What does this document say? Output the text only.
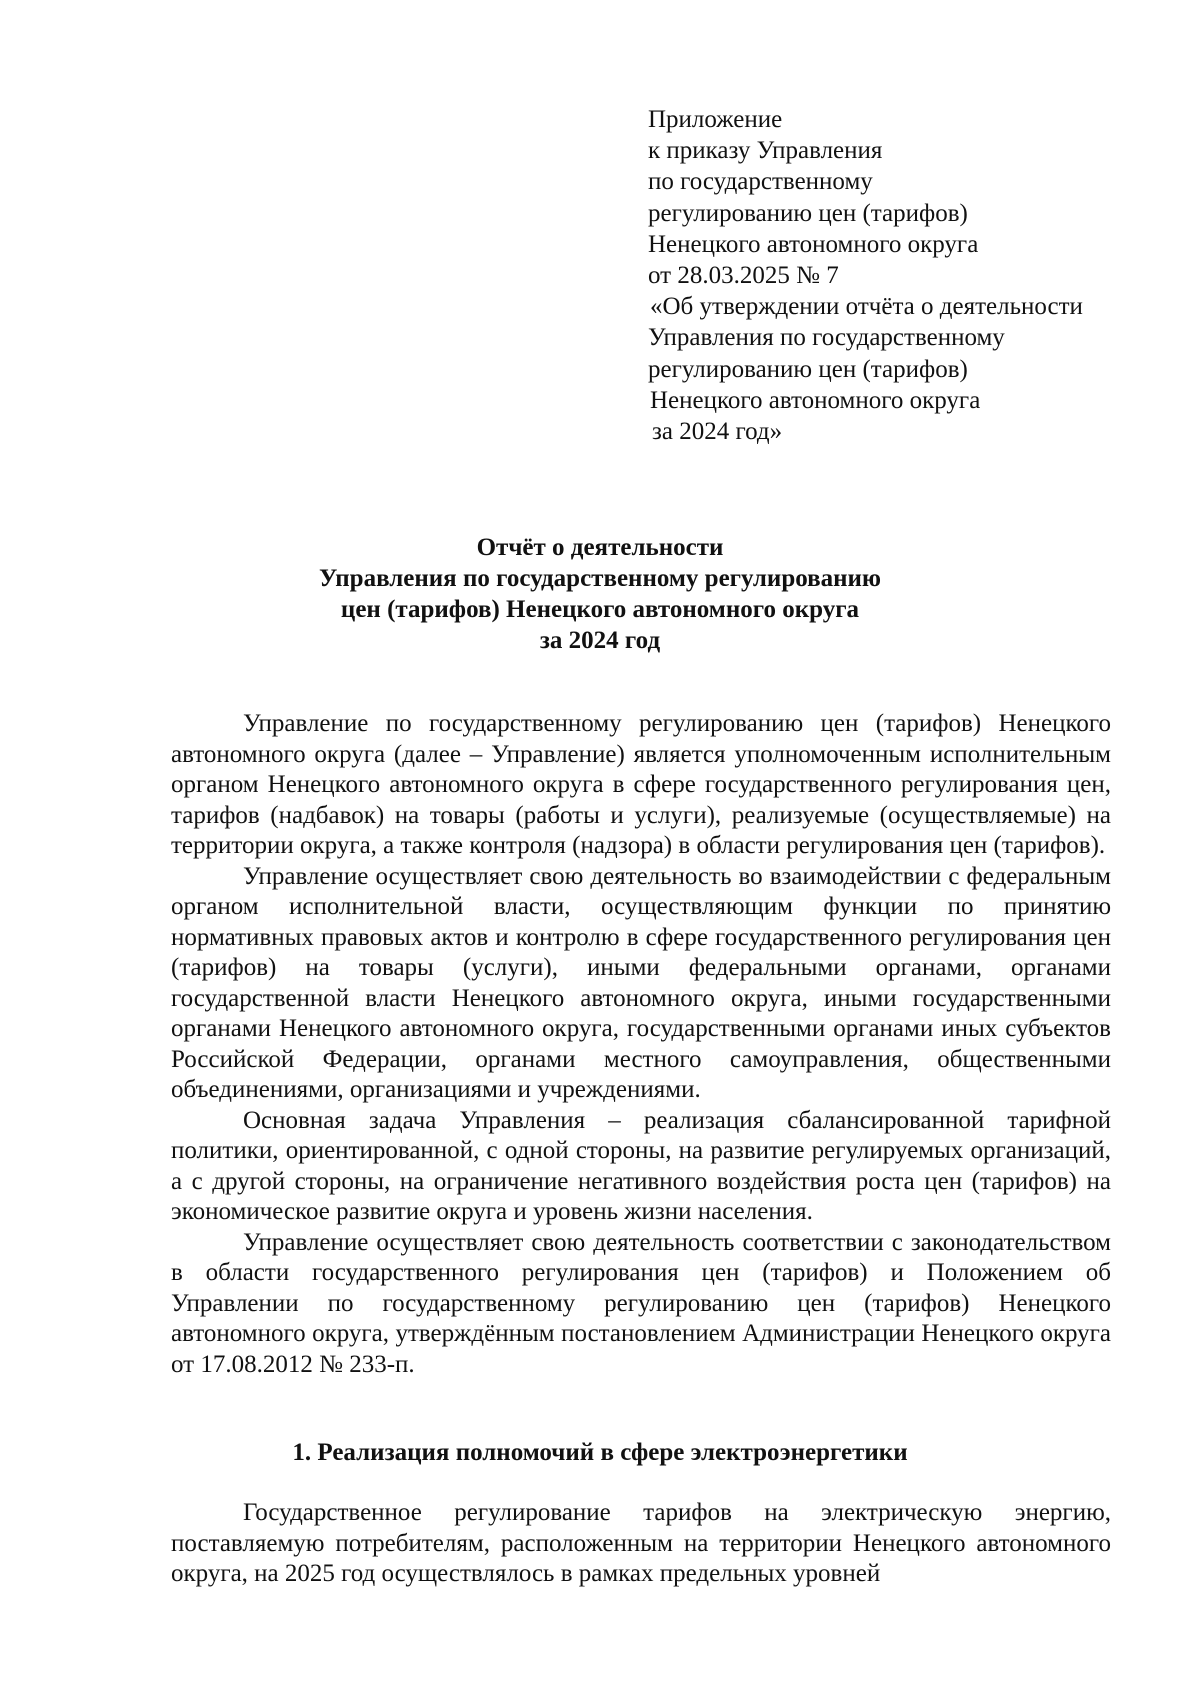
Приложение
к приказу Управления
по государственному
регулированию цен (тарифов)
Ненецкого автономного округа
от 28.03.2025 № 7
«Об утверждении отчёта о деятельности
Управления по государственному
регулированию цен (тарифов)
Ненецкого автономного округа
за 2024 год»
Отчёт о деятельности
Управления по государственному регулированию
цен (тарифов) Ненецкого автономного округа
за 2024 год

Управление по государственному регулированию цен (тарифов) Ненецкого автономного округа (далее – Управление) является уполномоченным исполнительным органом Ненецкого автономного округа в сфере государственного регулирования цен, тарифов (надбавок) на товары (работы и услуги), реализуемые (осуществляемые) на территории округа, а также контроля (надзора) в области регулирования цен (тарифов).

Управление осуществляет свою деятельность во взаимодействии с федеральным органом исполнительной власти, осуществляющим функции по принятию нормативных правовых актов и контролю в сфере государственного регулирования цен (тарифов) на товары (услуги), иными федеральными органами, органами государственной власти Ненецкого автономного округа, иными государственными органами Ненецкого автономного округа, государственными органами иных субъектов Российской Федерации, органами местного самоуправления, общественными объединениями, организациями и учреждениями.

Основная задача Управления – реализация сбалансированной тарифной политики, ориентированной, с одной стороны, на развитие регулируемых организаций, а с другой стороны, на ограничение негативного воздействия роста цен (тарифов) на экономическое развитие округа и уровень жизни населения.

Управление осуществляет свою деятельность соответствии с законодательством в области государственного регулирования цен (тарифов) и Положением об Управлении по государственному регулированию цен (тарифов) Ненецкого автономного округа, утверждённым постановлением Администрации Ненецкого округа от 17.08.2012 № 233-п.

1. Реализация полномочий в сфере электроэнергетики

Государственное регулирование тарифов на электрическую энергию, поставляемую потребителям, расположенным на территории Ненецкого автономного округа, на 2025 год осуществлялось в рамках предельных уровней
